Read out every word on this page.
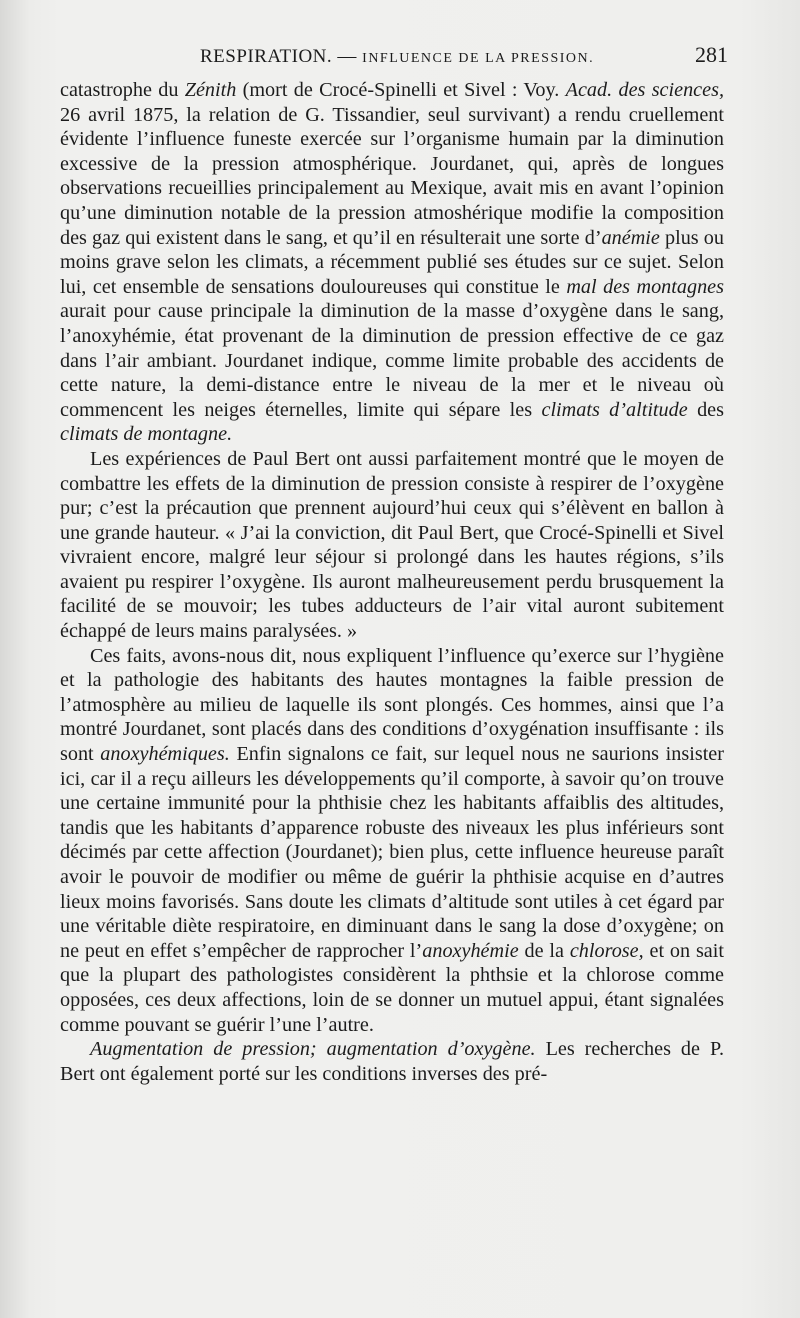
RESPIRATION. — INFLUENCE DE LA PRESSION.	281

catastrophe du Zénith (mort de Crocé-Spinelli et Sivel : Voy. Acad. des sciences, 26 avril 1875, la relation de G. Tissandier, seul survivant) a rendu cruellement évidente l’influence funeste exercée sur l’organisme humain par la diminution excessive de la pression atmosphérique. Jourdanet, qui, après de longues observations recueillies principalement au Mexique, avait mis en avant l’opinion qu’une diminution notable de la pression atmoshérique modifie la composition des gaz qui existent dans le sang, et qu’il en résulterait une sorte d’anémie plus ou moins grave selon les climats, a récemment publié ses études sur ce sujet. Selon lui, cet ensemble de sensations douloureuses qui constitue le mal des montagnes aurait pour cause principale la diminution de la masse d’oxygène dans le sang, l’anoxyhémie, état provenant de la diminution de pression effective de ce gaz dans l’air ambiant. Jourdanet indique, comme limite probable des accidents de cette nature, la demi-distance entre le niveau de la mer et le niveau où commencent les neiges éternelles, limite qui sépare les climats d’altitude des climats de montagne.

Les expériences de Paul Bert ont aussi parfaitement montré que le moyen de combattre les effets de la diminution de pression consiste à respirer de l’oxygène pur; c’est la précaution que prennent aujourd’hui ceux qui s’élèvent en ballon à une grande hauteur. « J’ai la conviction, dit Paul Bert, que Crocé-Spinelli et Sivel vivraient encore, malgré leur séjour si prolongé dans les hautes régions, s’ils avaient pu respirer l’oxygène. Ils auront malheureusement perdu brusquement la facilité de se mouvoir; les tubes adducteurs de l’air vital auront subitement échappé de leurs mains paralysées. »

Ces faits, avons-nous dit, nous expliquent l’influence qu’exerce sur l’hygiène et la pathologie des habitants des hautes montagnes la faible pression de l’atmosphère au milieu de laquelle ils sont plongés. Ces hommes, ainsi que l’a montré Jourdanet, sont placés dans des conditions d’oxygénation insuffisante : ils sont anoxyhémiques. Enfin signalons ce fait, sur lequel nous ne saurions insister ici, car il a reçu ailleurs les développements qu’il comporte, à savoir qu’on trouve une certaine immunité pour la phthisie chez les habitants affaiblis des altitudes, tandis que les habitants d’apparence robuste des niveaux les plus inférieurs sont décimés par cette affection (Jourdanet); bien plus, cette influence heureuse paraît avoir le pouvoir de modifier ou même de guérir la phthisie acquise en d’autres lieux moins favorisés. Sans doute les climats d’altitude sont utiles à cet égard par une véritable diète respiratoire, en diminuant dans le sang la dose d’oxygène; on ne peut en effet s’empêcher de rapprocher l’anoxyhémie de la chlorose, et on sait que la plupart des pathologistes considèrent la phthsie et la chlorose comme opposées, ces deux affections, loin de se donner un mutuel appui, étant signalées comme pouvant se guérir l’une l’autre.

Augmentation de pression; augmentation d’oxygène. Les recherches de P. Bert ont également porté sur les conditions inverses des pré-
